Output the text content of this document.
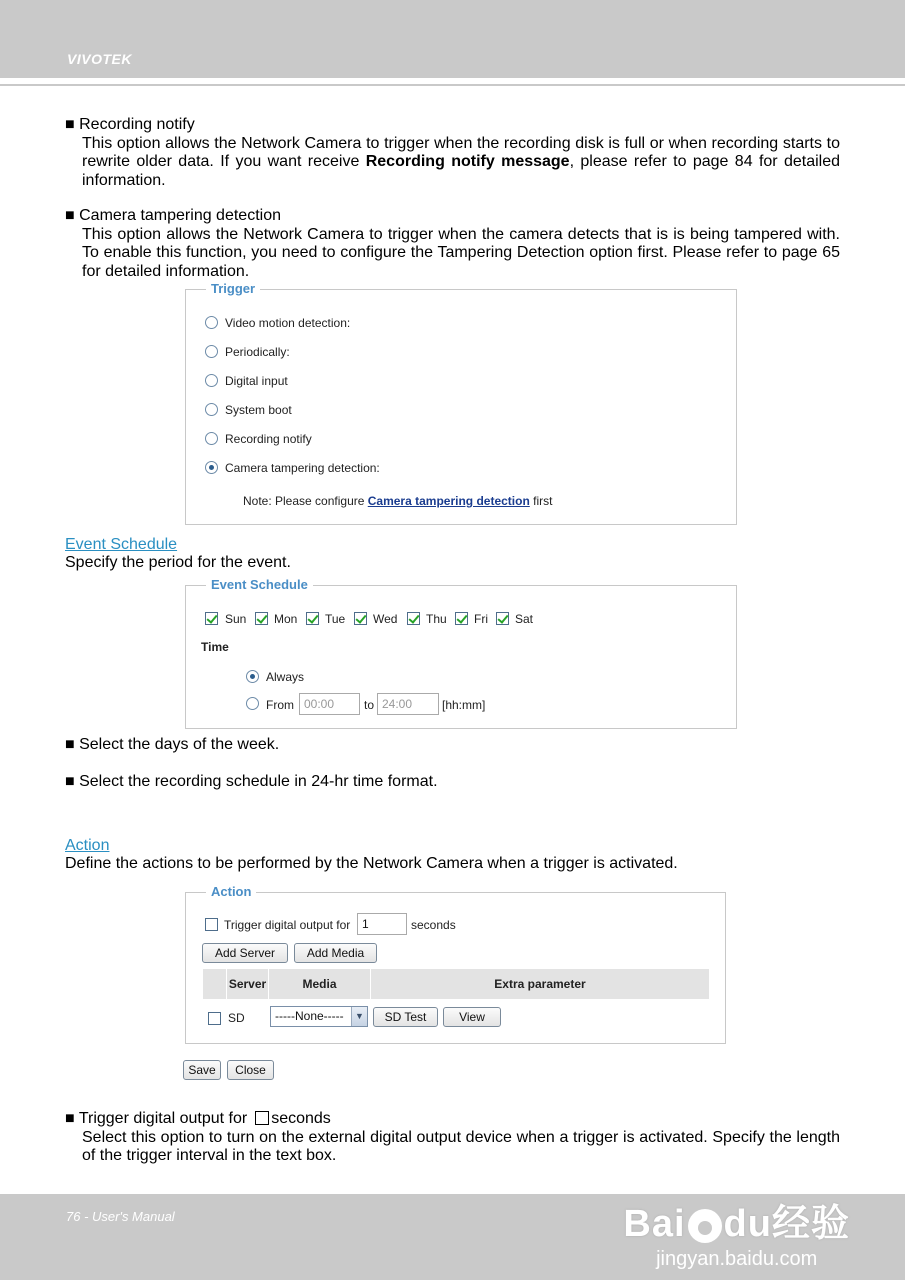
VIVOTEK
■ Recording notify
This option allows the Network Camera to trigger when the recording disk is full or when recording starts to rewrite older data. If you want receive Recording notify message, please refer to page 84 for detailed information.
■ Camera tampering detection
This option allows the Network Camera to trigger when the camera detects that is is being tampered with. To enable this function, you need to configure the Tampering Detection option first. Please refer to page 65 for detailed information.
Trigger
Video motion detection:
Periodically:
Digital input
System boot
Recording notify
Camera tampering detection:
Note: Please configure Camera tampering detection first
Event Schedule
Specify the period for the event.
Event Schedule
Sun Mon Tue Wed Thu Fri Sat
Time
Always
From 00:00	to 24:00	[hh:mm]
■ Select the days of the week.
■ Select the recording schedule in 24-hr time format.
Action
Define the actions to be performed by the Network Camera when a trigger is activated.
Action
Trigger digital output for 1	seconds
Add Server	Add Media
Server	Media	Extra parameter
SD	-----None-----	▼	SD Test	View
Save	Close
■ Trigger digital output for seconds
Select this option to turn on the external digital output device when a trigger is activated. Specify the length of the trigger interval in the text box.
76 - User's Manual	Bai du经验
jingyan.baidu.com
